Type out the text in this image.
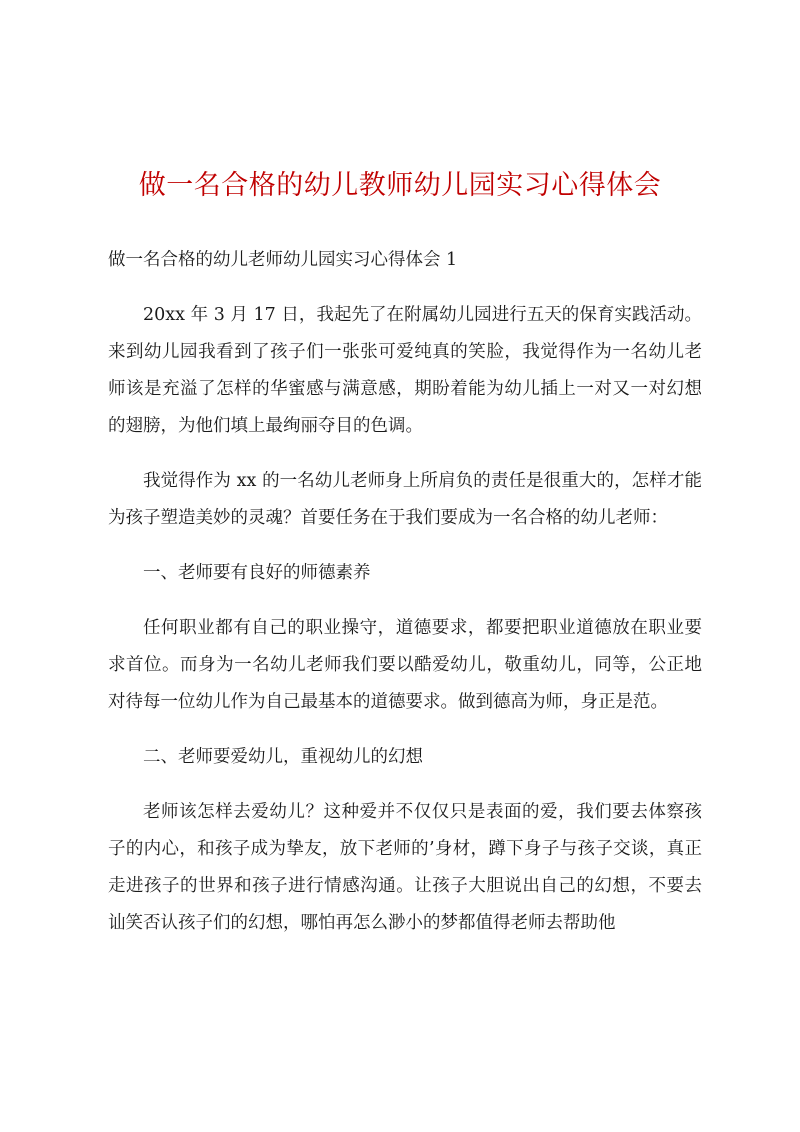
做一名合格的幼儿教师幼儿园实习心得体会

做一名合格的幼儿老师幼儿园实习心得体会 1

20xx 年 3 月 17 日，我起先了在附属幼儿园进行五天的保育实践活动。来到幼儿园我看到了孩子们一张张可爱纯真的笑脸，我觉得作为一名幼儿老师该是充溢了怎样的华蜜感与满意感，期盼着能为幼儿插上一对又一对幻想的翅膀，为他们填上最绚丽夺目的色调。

我觉得作为 xx 的一名幼儿老师身上所肩负的责任是很重大的，怎样才能为孩子塑造美妙的灵魂？首要任务在于我们要成为一名合格的幼儿老师：

一、老师要有良好的师德素养

任何职业都有自己的职业操守，道德要求，都要把职业道德放在职业要求首位。而身为一名幼儿老师我们要以酷爱幼儿，敬重幼儿，同等，公正地对待每一位幼儿作为自己最基本的道德要求。做到德高为师，身正是范。

二、老师要爱幼儿，重视幼儿的幻想

老师该怎样去爱幼儿？这种爱并不仅仅只是表面的爱，我们要去体察孩子的内心，和孩子成为挚友，放下老师的’身材，蹲下身子与孩子交谈，真正走进孩子的世界和孩子进行情感沟通。让孩子大胆说出自己的幻想，不要去讪笑否认孩子们的幻想，哪怕再怎么渺小的梦都值得老师去帮助他
